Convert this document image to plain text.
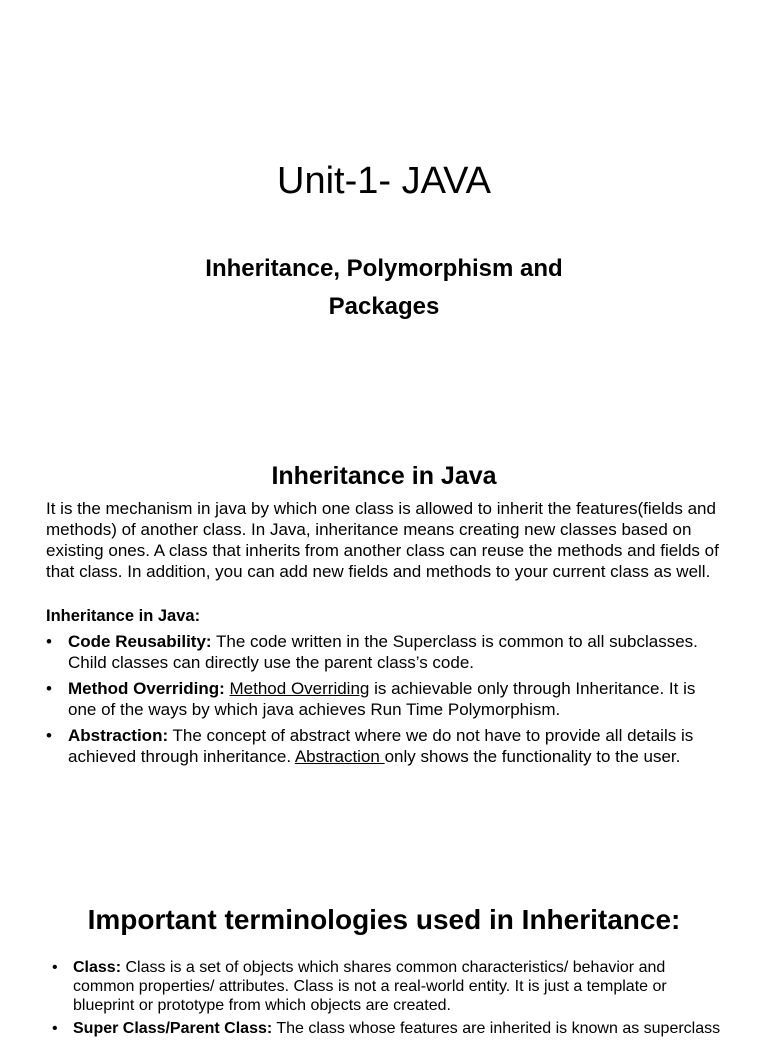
Unit-1- JAVA
Inheritance, Polymorphism and
Packages
Inheritance in Java

It is the mechanism in java by which one class is allowed to inherit the features(fields and methods) of another class. In Java, inheritance means creating new classes based on existing ones. A class that inherits from another class can reuse the methods and fields of that class. In addition, you can add new fields and methods to your current class as well.

Inheritance in Java:

• Code Reusability: The code written in the Superclass is common to all subclasses. Child classes can directly use the parent class’s code.
• Method Overriding: Method Overriding is achievable only through Inheritance. It is one of the ways by which java achieves Run Time Polymorphism.
• Abstraction: The concept of abstract where we do not have to provide all details is achieved through inheritance. Abstraction only shows the functionality to the user.
Important terminologies used in Inheritance:
• Class: Class is a set of objects which shares common characteristics/ behavior and common properties/ attributes. Class is not a real-world entity. It is just a template or blueprint or prototype from which objects are created.
• Super Class/Parent Class: The class whose features are inherited is known as superclass
